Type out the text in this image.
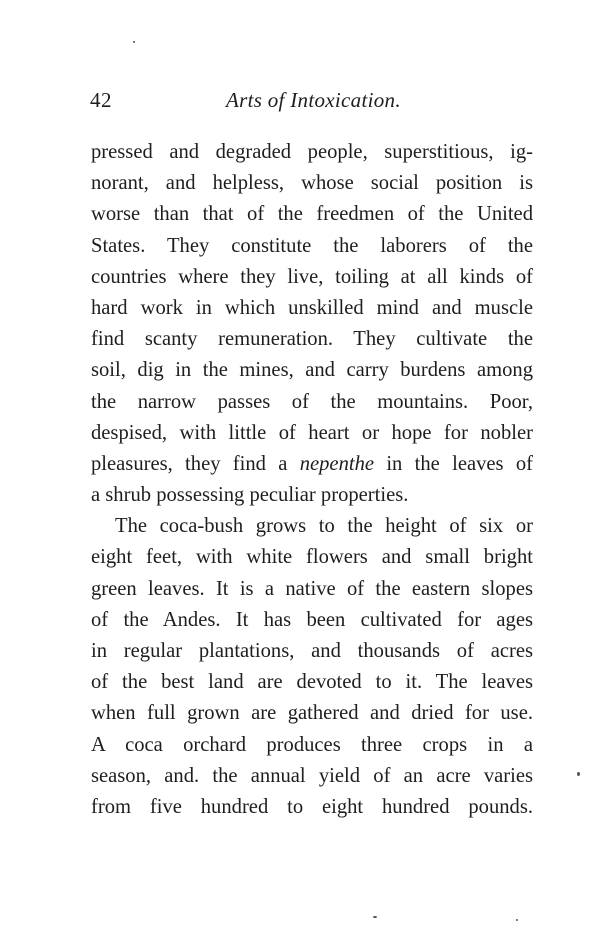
42	Arts of Intoxication.
pressed and degraded people, superstitious, ig-
norant, and helpless, whose social position is
worse than that of the freedmen of the United
States. They constitute the laborers of the
countries where they live, toiling at all kinds of
hard work in which unskilled mind and muscle
find scanty remuneration. They cultivate the
soil, dig in the mines, and carry burdens among
the narrow passes of the mountains. Poor,
despised, with little of heart or hope for nobler
pleasures, they find a nepenthe in the leaves of
a shrub possessing peculiar properties.
The coca-bush grows to the height of six or
eight feet, with white flowers and small bright
green leaves. It is a native of the eastern slopes
of the Andes. It has been cultivated for ages
in regular plantations, and thousands of acres
of the best land are devoted to it. The leaves
when full grown are gathered and dried for use.
A coca orchard produces three crops in a
season, and. the annual yield of an acre varies
from five hundred to eight hundred pounds.
